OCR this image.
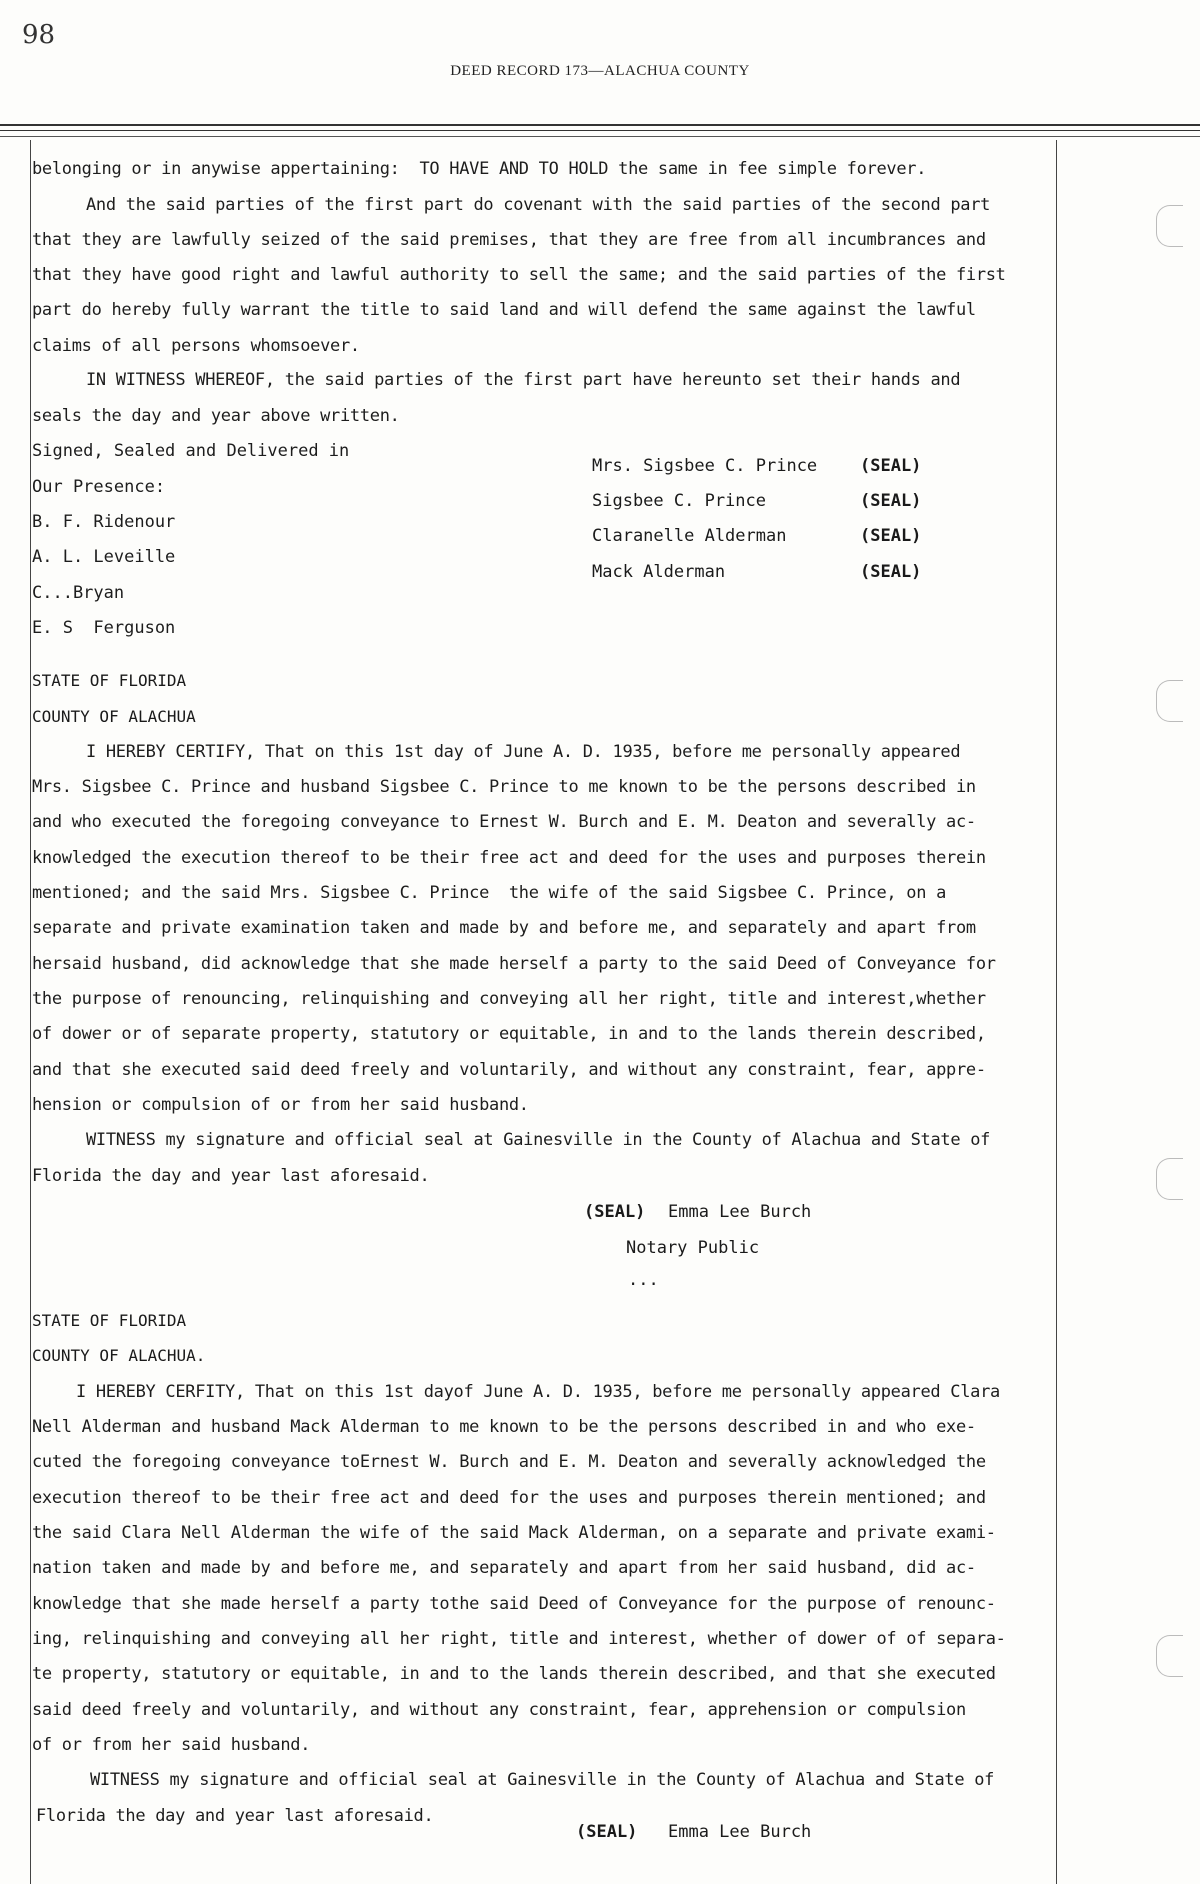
98
DEED RECORD 173—ALACHUA COUNTY
belonging or in anywise appertaining:  TO HAVE AND TO HOLD the same in fee simple forever.
And the said parties of the first part do covenant with the said parties of the second part
that they are lawfully seized of the said premises, that they are free from all incumbrances and
that they have good right and lawful authority to sell the same; and the said parties of the first
part do hereby fully warrant the title to said land and will defend the same against the lawful
claims of all persons whomsoever.
IN WITNESS WHEREOF, the said parties of the first part have hereunto set their hands and
seals the day and year above written.
Signed, Sealed and Delivered in
Our Presence:
B. F. Ridenour
A. L. Leveille
C...Bryan
E. S  Ferguson
Mrs. Sigsbee C. Prince	(SEAL)
Sigsbee C. Prince	(SEAL)
Claranelle Alderman	(SEAL)
Mack Alderman	(SEAL)
STATE OF FLORIDA
COUNTY OF ALACHUA
I HEREBY CERTIFY, That on this 1st day of June A. D. 1935, before me personally appeared
Mrs. Sigsbee C. Prince and husband Sigsbee C. Prince to me known to be the persons described in
and who executed the foregoing conveyance to Ernest W. Burch and E. M. Deaton and severally ac-
knowledged the execution thereof to be their free act and deed for the uses and purposes therein
mentioned; and the said Mrs. Sigsbee C. Prince  the wife of the said Sigsbee C. Prince, on a
separate and private examination taken and made by and before me, and separately and apart from
hersaid husband, did acknowledge that she made herself a party to the said Deed of Conveyance for
the purpose of renouncing, relinquishing and conveying all her right, title and interest,whether
of dower or of separate property, statutory or equitable, in and to the lands therein described,
and that she executed said deed freely and voluntarily, and without any constraint, fear, appre-
hension or compulsion of or from her said husband.
WITNESS my signature and official seal at Gainesville in the County of Alachua and State of
Florida the day and year last aforesaid.
(SEAL) Emma Lee Burch
Notary Public
...
STATE OF FLORIDA
COUNTY OF ALACHUA.
I HEREBY CERFITY, That on this 1st dayof June A. D. 1935, before me personally appeared Clara
Nell Alderman and husband Mack Alderman to me known to be the persons described in and who exe-
cuted the foregoing conveyance toErnest W. Burch and E. M. Deaton and severally acknowledged the
execution thereof to be their free act and deed for the uses and purposes therein mentioned; and
the said Clara Nell Alderman the wife of the said Mack Alderman, on a separate and private exami-
nation taken and made by and before me, and separately and apart from her said husband, did ac-
knowledge that she made herself a party tothe said Deed of Conveyance for the purpose of renounc-
ing, relinquishing and conveying all her right, title and interest, whether of dower of of separa-
te property, statutory or equitable, in and to the lands therein described, and that she executed
said deed freely and voluntarily, and without any constraint, fear, apprehension or compulsion
of or from her said husband.
WITNESS my signature and official seal at Gainesville in the County of Alachua and State of
Florida the day and year last aforesaid.
(SEAL) Emma Lee Burch
